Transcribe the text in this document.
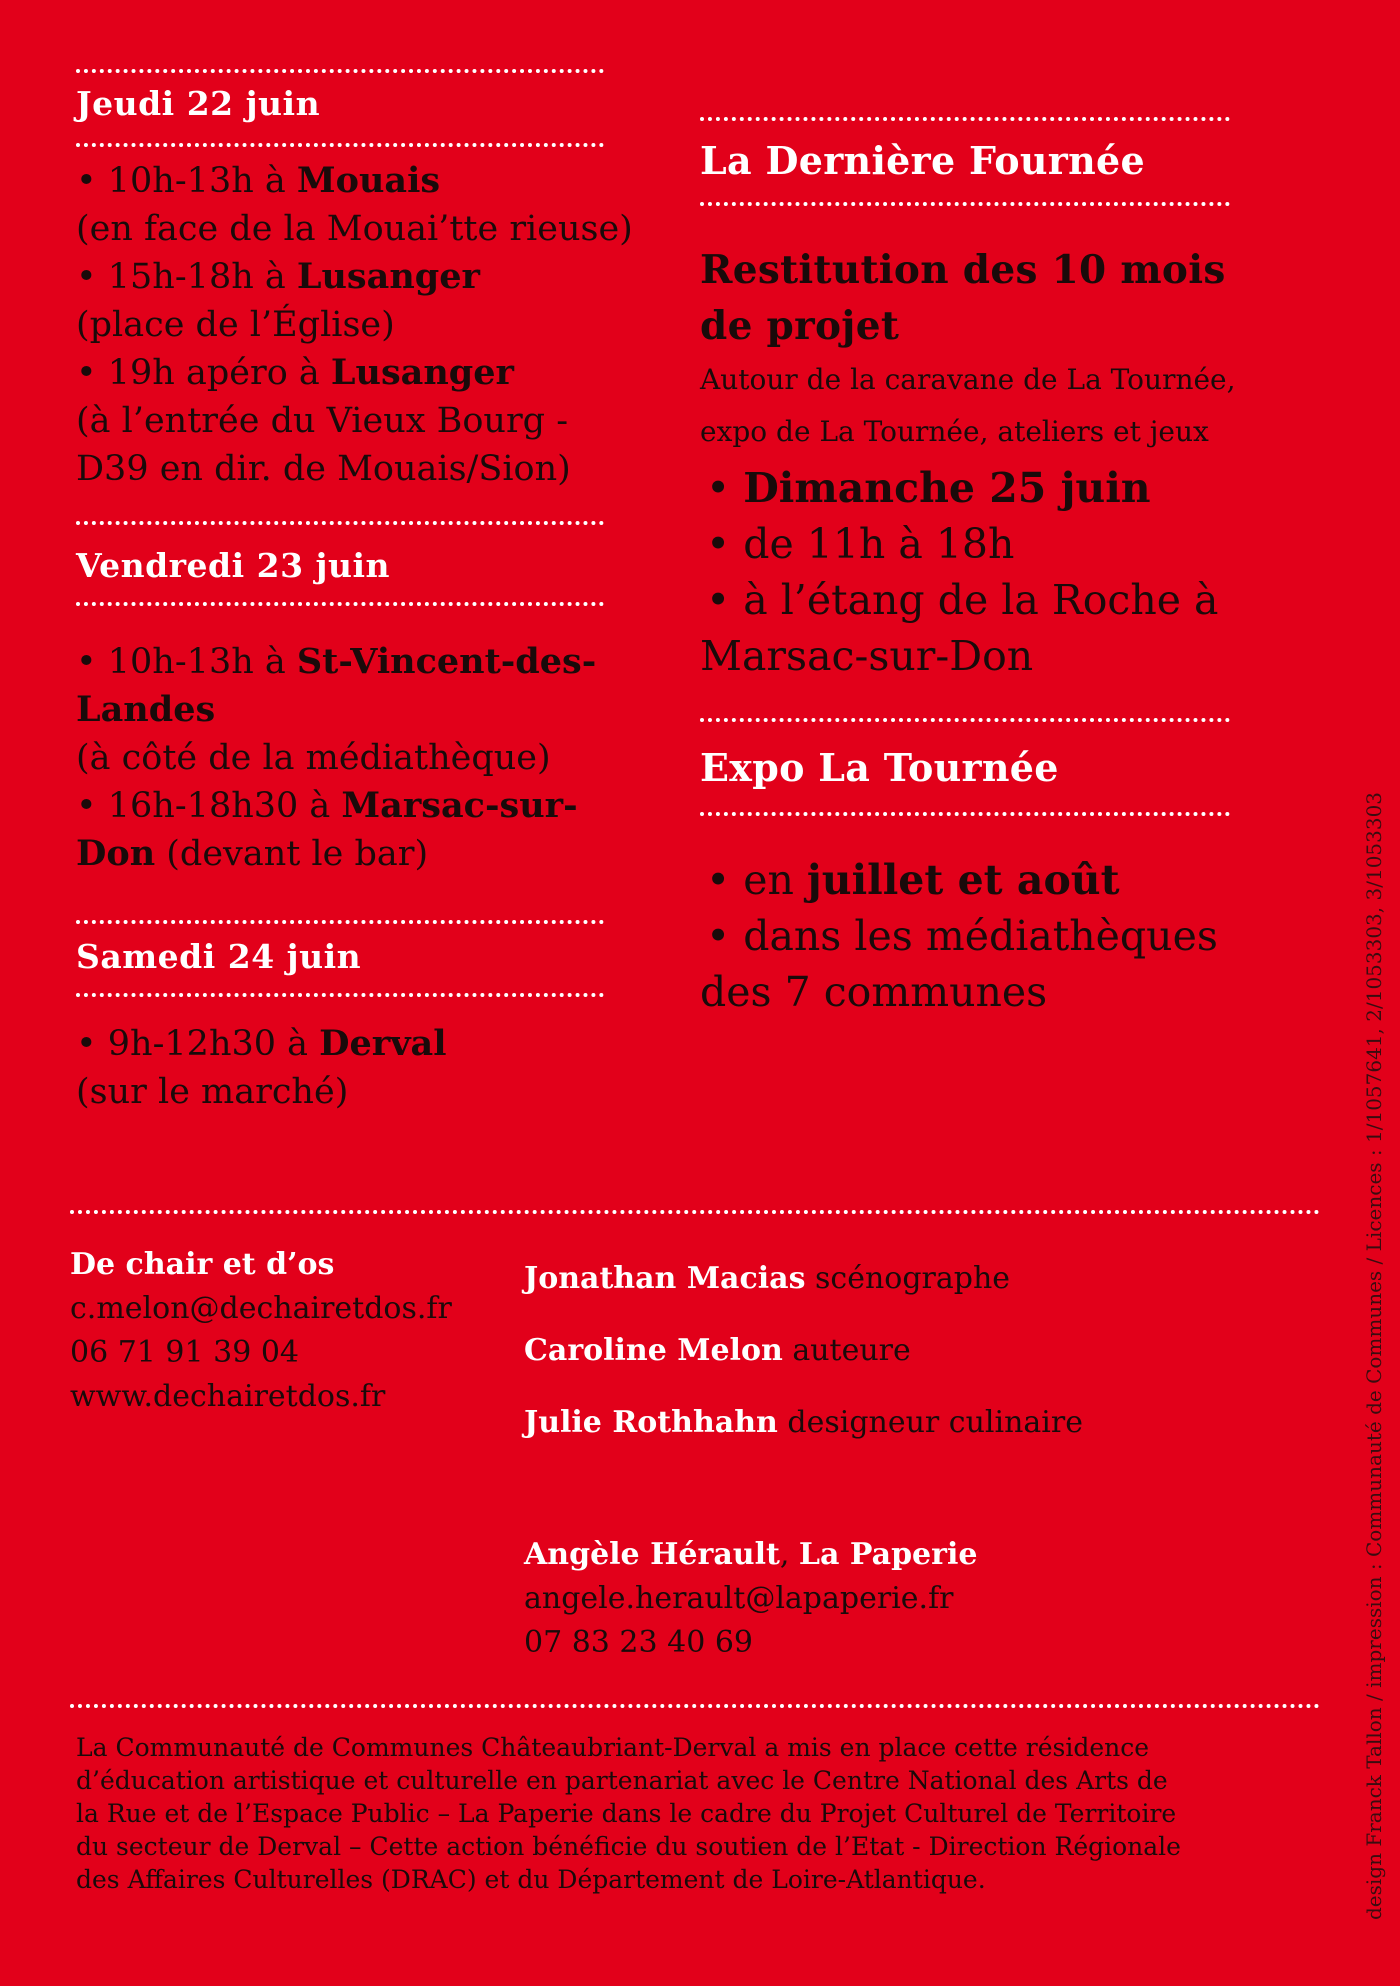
Jeudi 22 juin
• 10h-13h à Mouais
(en face de la Mouai’tte rieuse)
• 15h-18h à Lusanger
(place de l’Église)
• 19h apéro à Lusanger
(à l’entrée du Vieux Bourg -
D39 en dir. de Mouais/Sion)
Vendredi 23 juin
• 10h-13h à St-Vincent-des-
Landes
(à côté de la médiathèque)
• 16h-18h30 à Marsac-sur-
Don (devant le bar)
Samedi 24 juin
• 9h-12h30 à Derval
(sur le marché)
La Dernière Fournée
Restitution des 10 mois
de projet
Autour de la caravane de La Tournée,
expo de La Tournée, ateliers et jeux
• Dimanche 25 juin
• de 11h à 18h
• à l’étang de la Roche à
Marsac-sur-Don
Expo La Tournée
• en juillet et août
• dans les médiathèques
des 7 communes
De chair et d’os
c.melon@dechairetdos.fr
06 71 91 39 04
www.dechairetdos.fr
Jonathan Macias scénographe
Caroline Melon auteure
Julie Rothhahn designeur culinaire
Angèle Hérault, La Paperie
angele.herault@lapaperie.fr
07 83 23 40 69
La Communauté de Communes Châteaubriant-Derval a mis en place cette résidence
d’éducation artistique et culturelle en partenariat avec le Centre National des Arts de
la Rue et de l’Espace Public – La Paperie dans le cadre du Projet Culturel de Territoire
du secteur de Derval – Cette action bénéficie du soutien de l’Etat - Direction Régionale
des Affaires Culturelles (DRAC) et du Département de Loire-Atlantique.	design Franck Tallon / impression : Communauté de Communes / Licences : 1/1057641, 2/1053303, 3/1053303
